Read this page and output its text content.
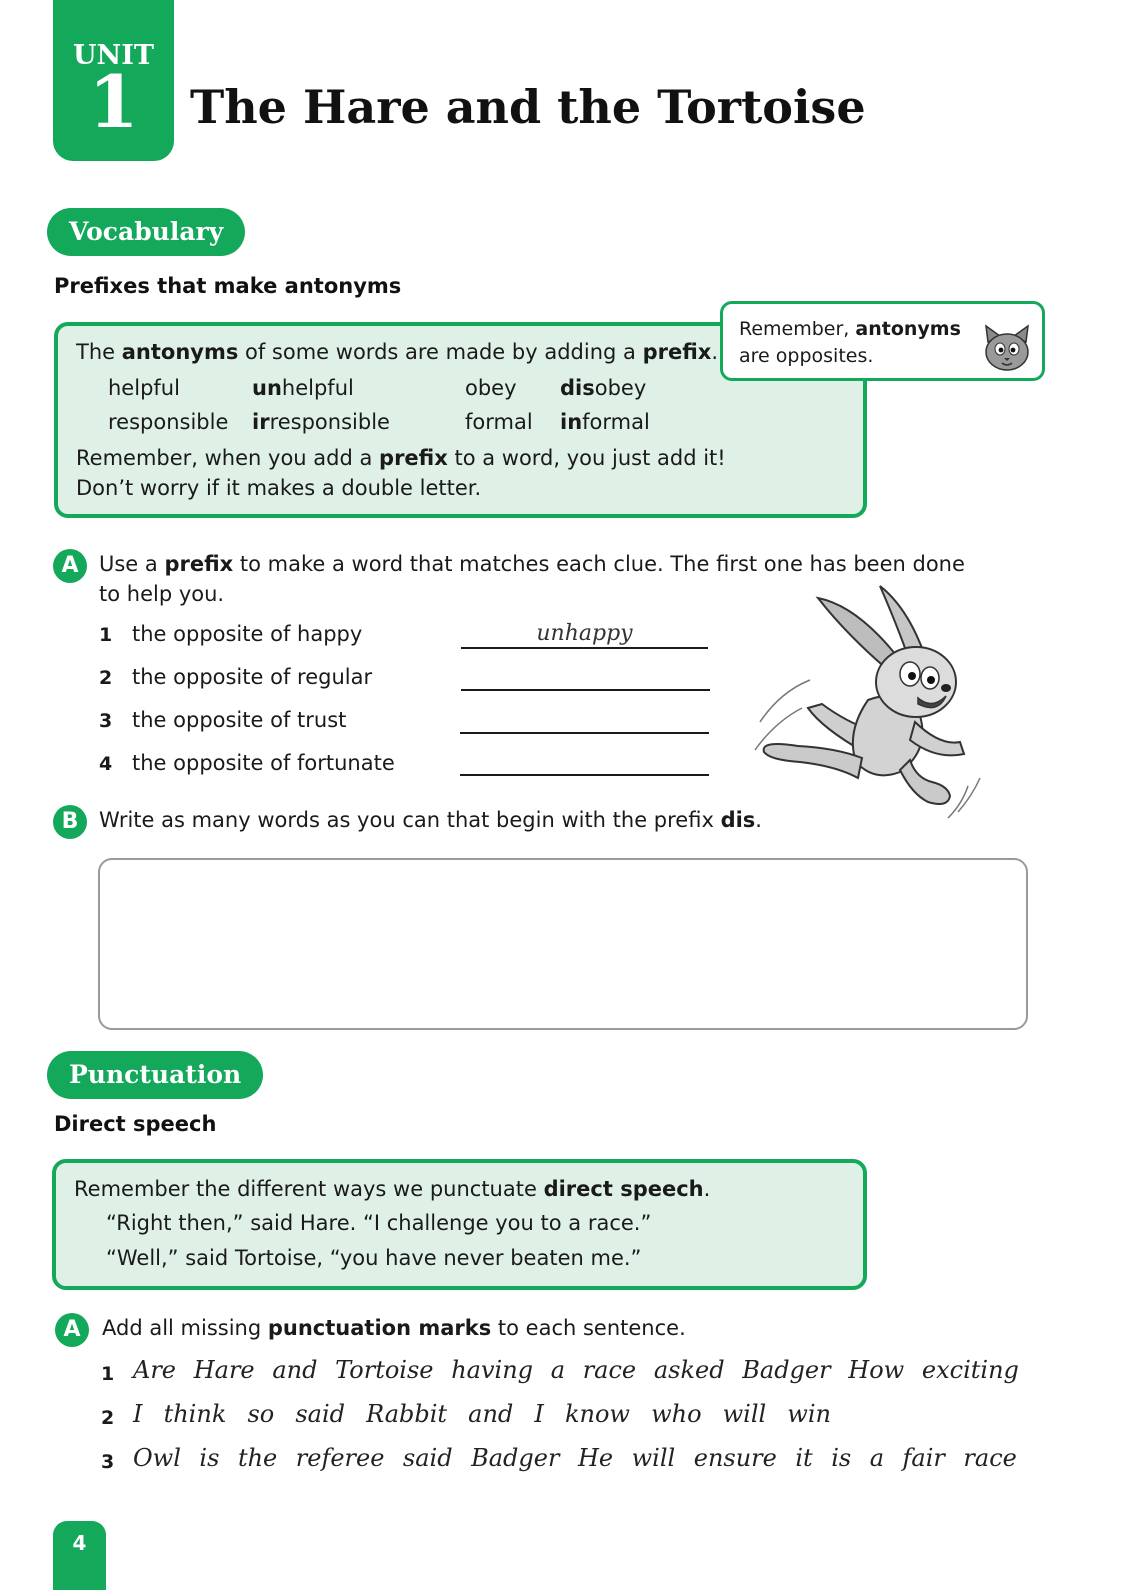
UNIT
1	The Hare and the Tortoise
Vocabulary
Prefixes that make antonyms
The antonyms of some words are made by adding a prefix.
helpful	unhelpful	obey disobey
responsible irresponsible	formal informal
Remember, when you add a prefix to a word, you just add it!
Don’t worry if it makes a double letter.
Remember, antonyms
are opposites.
A Use a prefix to make a word that matches each clue. The first one has been done
to help you.
1 the opposite of happy	unhappy
2 the opposite of regular
3 the opposite of trust
4 the opposite of fortunate
B Write as many words as you can that begin with the prefix dis.
Punctuation
Direct speech
Remember the different ways we punctuate direct speech.
“Right then,” said Hare. “I challenge you to a race.”
“Well,” said Tortoise, “you have never beaten me.”
A	Add all missing punctuation marks to each sentence.
1 Are Hare and Tortoise having a race asked Badger How exciting
2 I think so said Rabbit and I know who will win
3 Owl is the referee said Badger He will ensure it is a fair race
4
